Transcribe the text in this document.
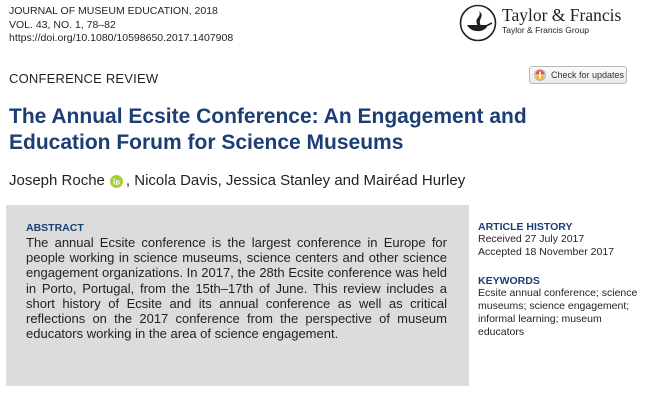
JOURNAL OF MUSEUM EDUCATION, 2018
VOL. 43, NO. 1, 78–82
https://doi.org/10.1080/10598650.2017.1407908
Taylor & Francis
Taylor & Francis Group
CONFERENCE REVIEW	Check for updates
The Annual Ecsite Conference: An Engagement and Education Forum for Science Museums
Joseph Roche , Nicola Davis, Jessica Stanley and Mairéad Hurley
ABSTRACT
The annual Ecsite conference is the largest conference in Europe for people working in science museums, science centers and other science engagement organizations. In 2017, the 28th Ecsite conference was held in Porto, Portugal, from the 15th–17th of June. This review includes a short history of Ecsite and its annual conference as well as critical reflections on the 2017 conference from the perspective of museum educators working in the area of science engagement.
ARTICLE HISTORY
Received 27 July 2017
Accepted 18 November 2017
KEYWORDS
Ecsite annual conference; science museums; science engagement; informal learning; museum educators
